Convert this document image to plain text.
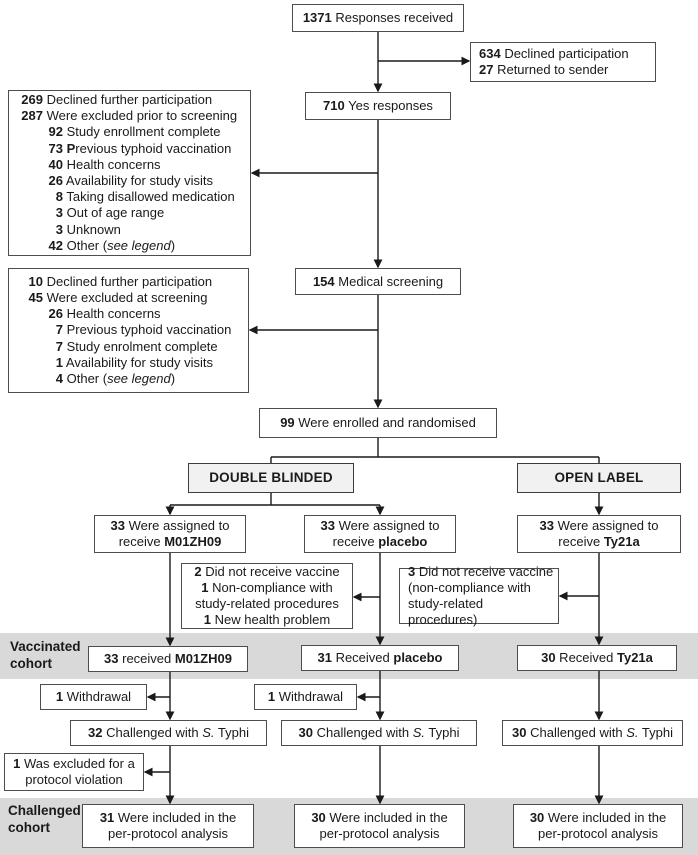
1371 Responses received
634 Declined participation
27 Returned to sender
710 Yes responses
269 Declined further participation
287 Were excluded prior to screening
92 Study enrollment complete
73 Previous typhoid vaccination
40 Health concerns
26 Availability for study visits
8 Taking disallowed medication
3 Out of age range
3 Unknown
42 Other (see legend)
154 Medical screening
10 Declined further participation
45 Were excluded at screening
26 Health concerns
7 Previous typhoid vaccination
7 Study enrolment complete
1 Availability for study visits
4 Other (see legend)
99 Were enrolled and randomised
DOUBLE BLINDED	OPEN LABEL
33 Were assigned to
receive M01ZH09
33 Were assigned to
receive placebo
33 Were assigned to
receive Ty21a
2 Did not receive vaccine
1 Non-compliance with
study-related procedures
1 New health problem
3 Did not receive vaccine
(non-compliance with
study-related procedures)
33 received M01ZH09	31 Received placebo	30 Received Ty21a
1 Withdrawal	1 Withdrawal
32 Challenged with S. Typhi	30 Challenged with S. Typhi	30 Challenged with S. Typhi
1 Was excluded for a
protocol violation
31 Were included in the
per-protocol analysis
30 Were included in the
per-protocol analysis
30 Were included in the
per-protocol analysis
Vaccinated
cohort
Challenged
cohort
